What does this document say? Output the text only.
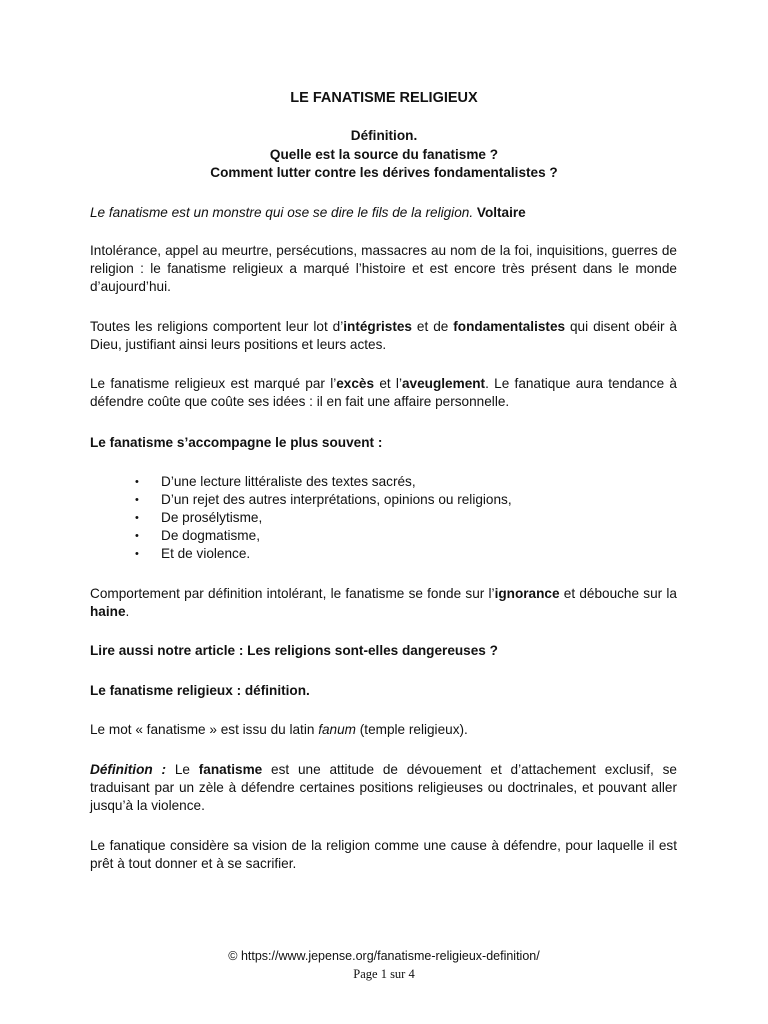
LE FANATISME RELIGIEUX
Définition.
Quelle est la source du fanatisme ?
Comment lutter contre les dérives fondamentalistes ?

Le fanatisme est un monstre qui ose se dire le fils de la religion. Voltaire

Intolérance, appel au meurtre, persécutions, massacres au nom de la foi, inquisitions, guerres de religion : le fanatisme religieux a marqué l’histoire et est encore très présent dans le monde d’aujourd’hui.

Toutes les religions comportent leur lot d’intégristes et de fondamentalistes qui disent obéir à Dieu, justifiant ainsi leurs positions et leurs actes.

Le fanatisme religieux est marqué par l’excès et l’aveuglement. Le fanatique aura tendance à défendre coûte que coûte ses idées : il en fait une affaire personnelle.

Le fanatisme s’accompagne le plus souvent :

• D’une lecture littéraliste des textes sacrés,
• D’un rejet des autres interprétations, opinions ou religions,
• De prosélytisme,
• De dogmatisme,
• Et de violence.

Comportement par définition intolérant, le fanatisme se fonde sur l’ignorance et débouche sur la haine.

Lire aussi notre article : Les religions sont-elles dangereuses ?

Le fanatisme religieux : définition.

Le mot « fanatisme » est issu du latin fanum (temple religieux).

Définition : Le fanatisme est une attitude de dévouement et d’attachement exclusif, se traduisant par un zèle à défendre certaines positions religieuses ou doctrinales, et pouvant aller jusqu’à la violence.

Le fanatique considère sa vision de la religion comme une cause à défendre, pour laquelle il est prêt à tout donner et à se sacrifier.

© https://www.jepense.org/fanatisme-religieux-definition/
Page 1 sur 4
